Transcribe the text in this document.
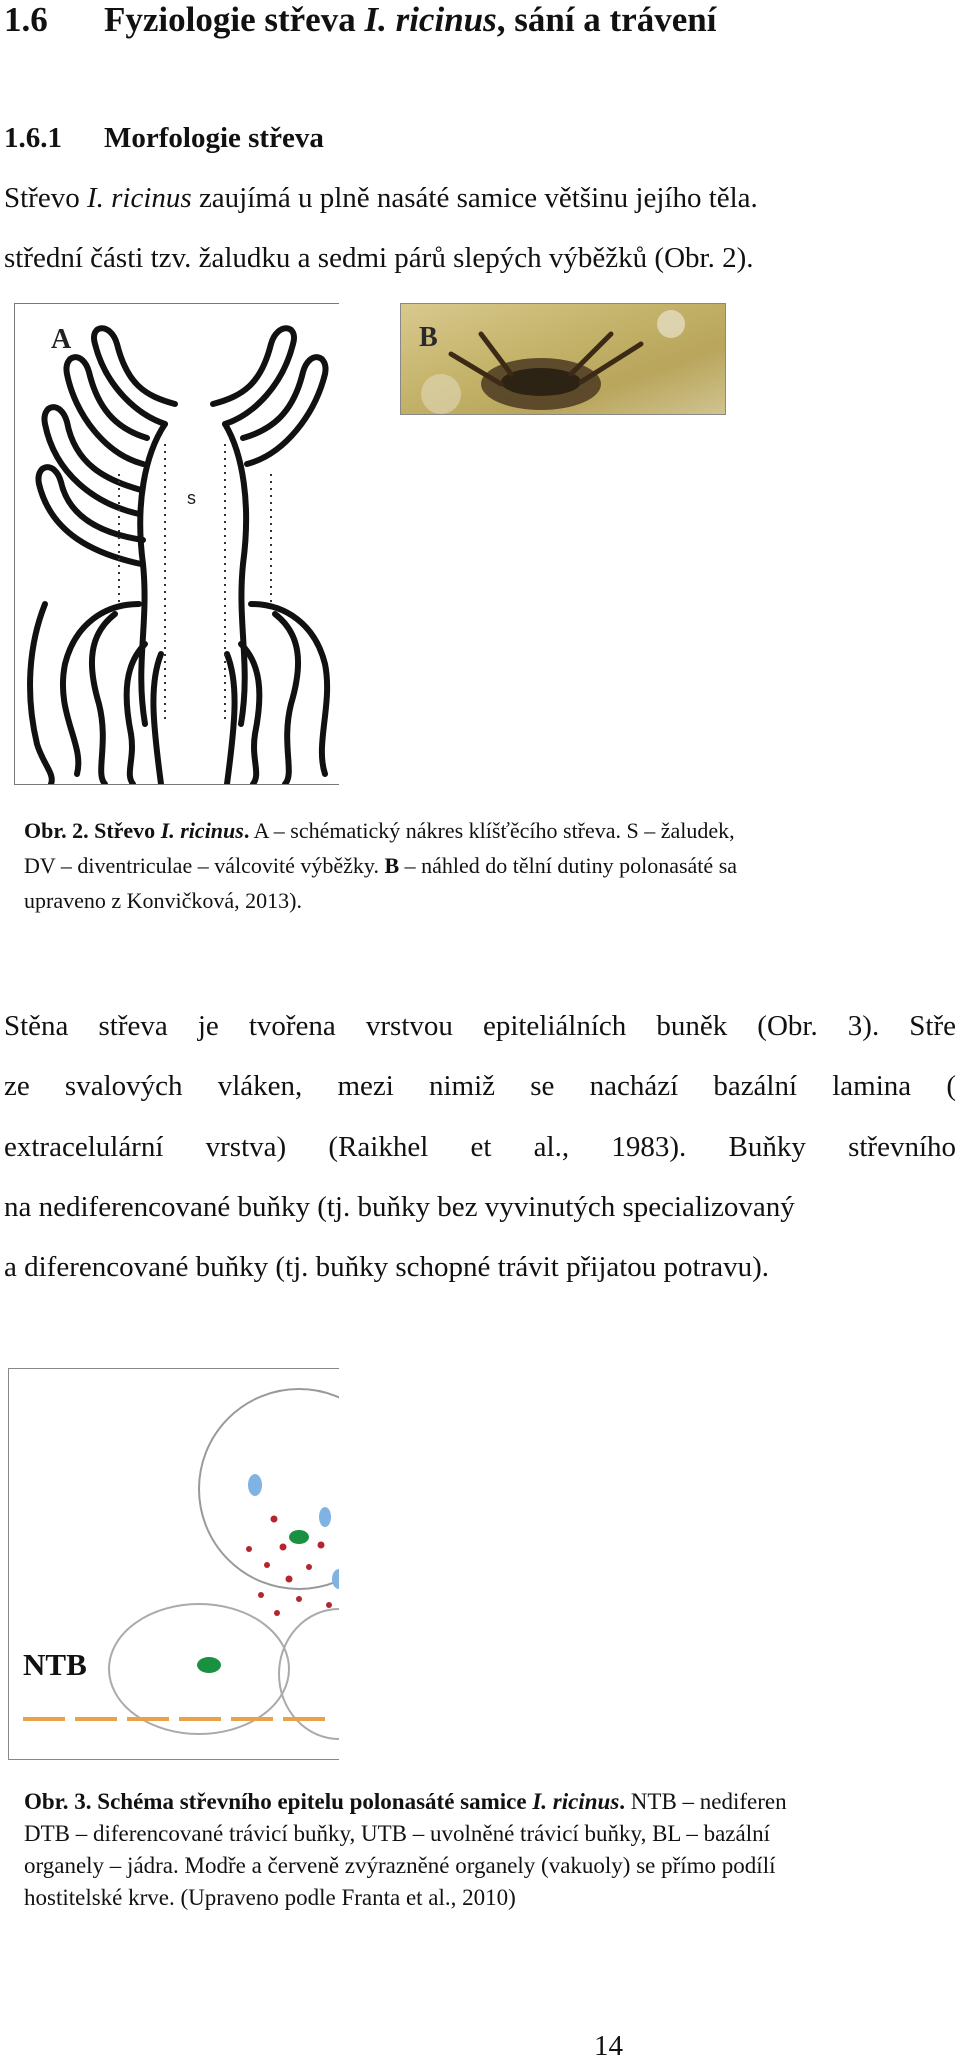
1.6 Fyziologie střeva I. ricinus, sání a trávení
1.6.1 Morfologie střeva
Střevo I. ricinus zaujímá u plně nasáté samice většinu jejího těla.
střední části tzv. žaludku a sedmi párů slepých výběžků (Obr. 2).
A
s
B
Obr. 2. Střevo I. ricinus. A – schématický nákres klíšťěcího střeva. S – žaludek,
DV – diventriculae – válcovité výběžky. B – náhled do tělní dutiny polonasáté sa
upraveno z Konvičková, 2013).
Stěna střeva je tvořena vrstvou epiteliálních buněk (Obr. 3). Stře
ze svalových vláken, mezi nimiž se nachází bazální lamina (
extracelulární vrstva) (Raikhel et al., 1983). Buňky střevního
na nediferencované buňky (tj. buňky bez vyvinutých specializovaný
a diferencované buňky (tj. buňky schopné trávit přijatou potravu).
NTB
Obr. 3. Schéma střevního epitelu polonasáté samice I. ricinus. NTB – nediferen
DTB – diferencované trávicí buňky, UTB – uvolněné trávicí buňky, BL – bazální
organely – jádra. Modře a červeně zvýrazněné organely (vakuoly) se přímo podílí
hostitelské krve. (Upraveno podle Franta et al., 2010)
14
